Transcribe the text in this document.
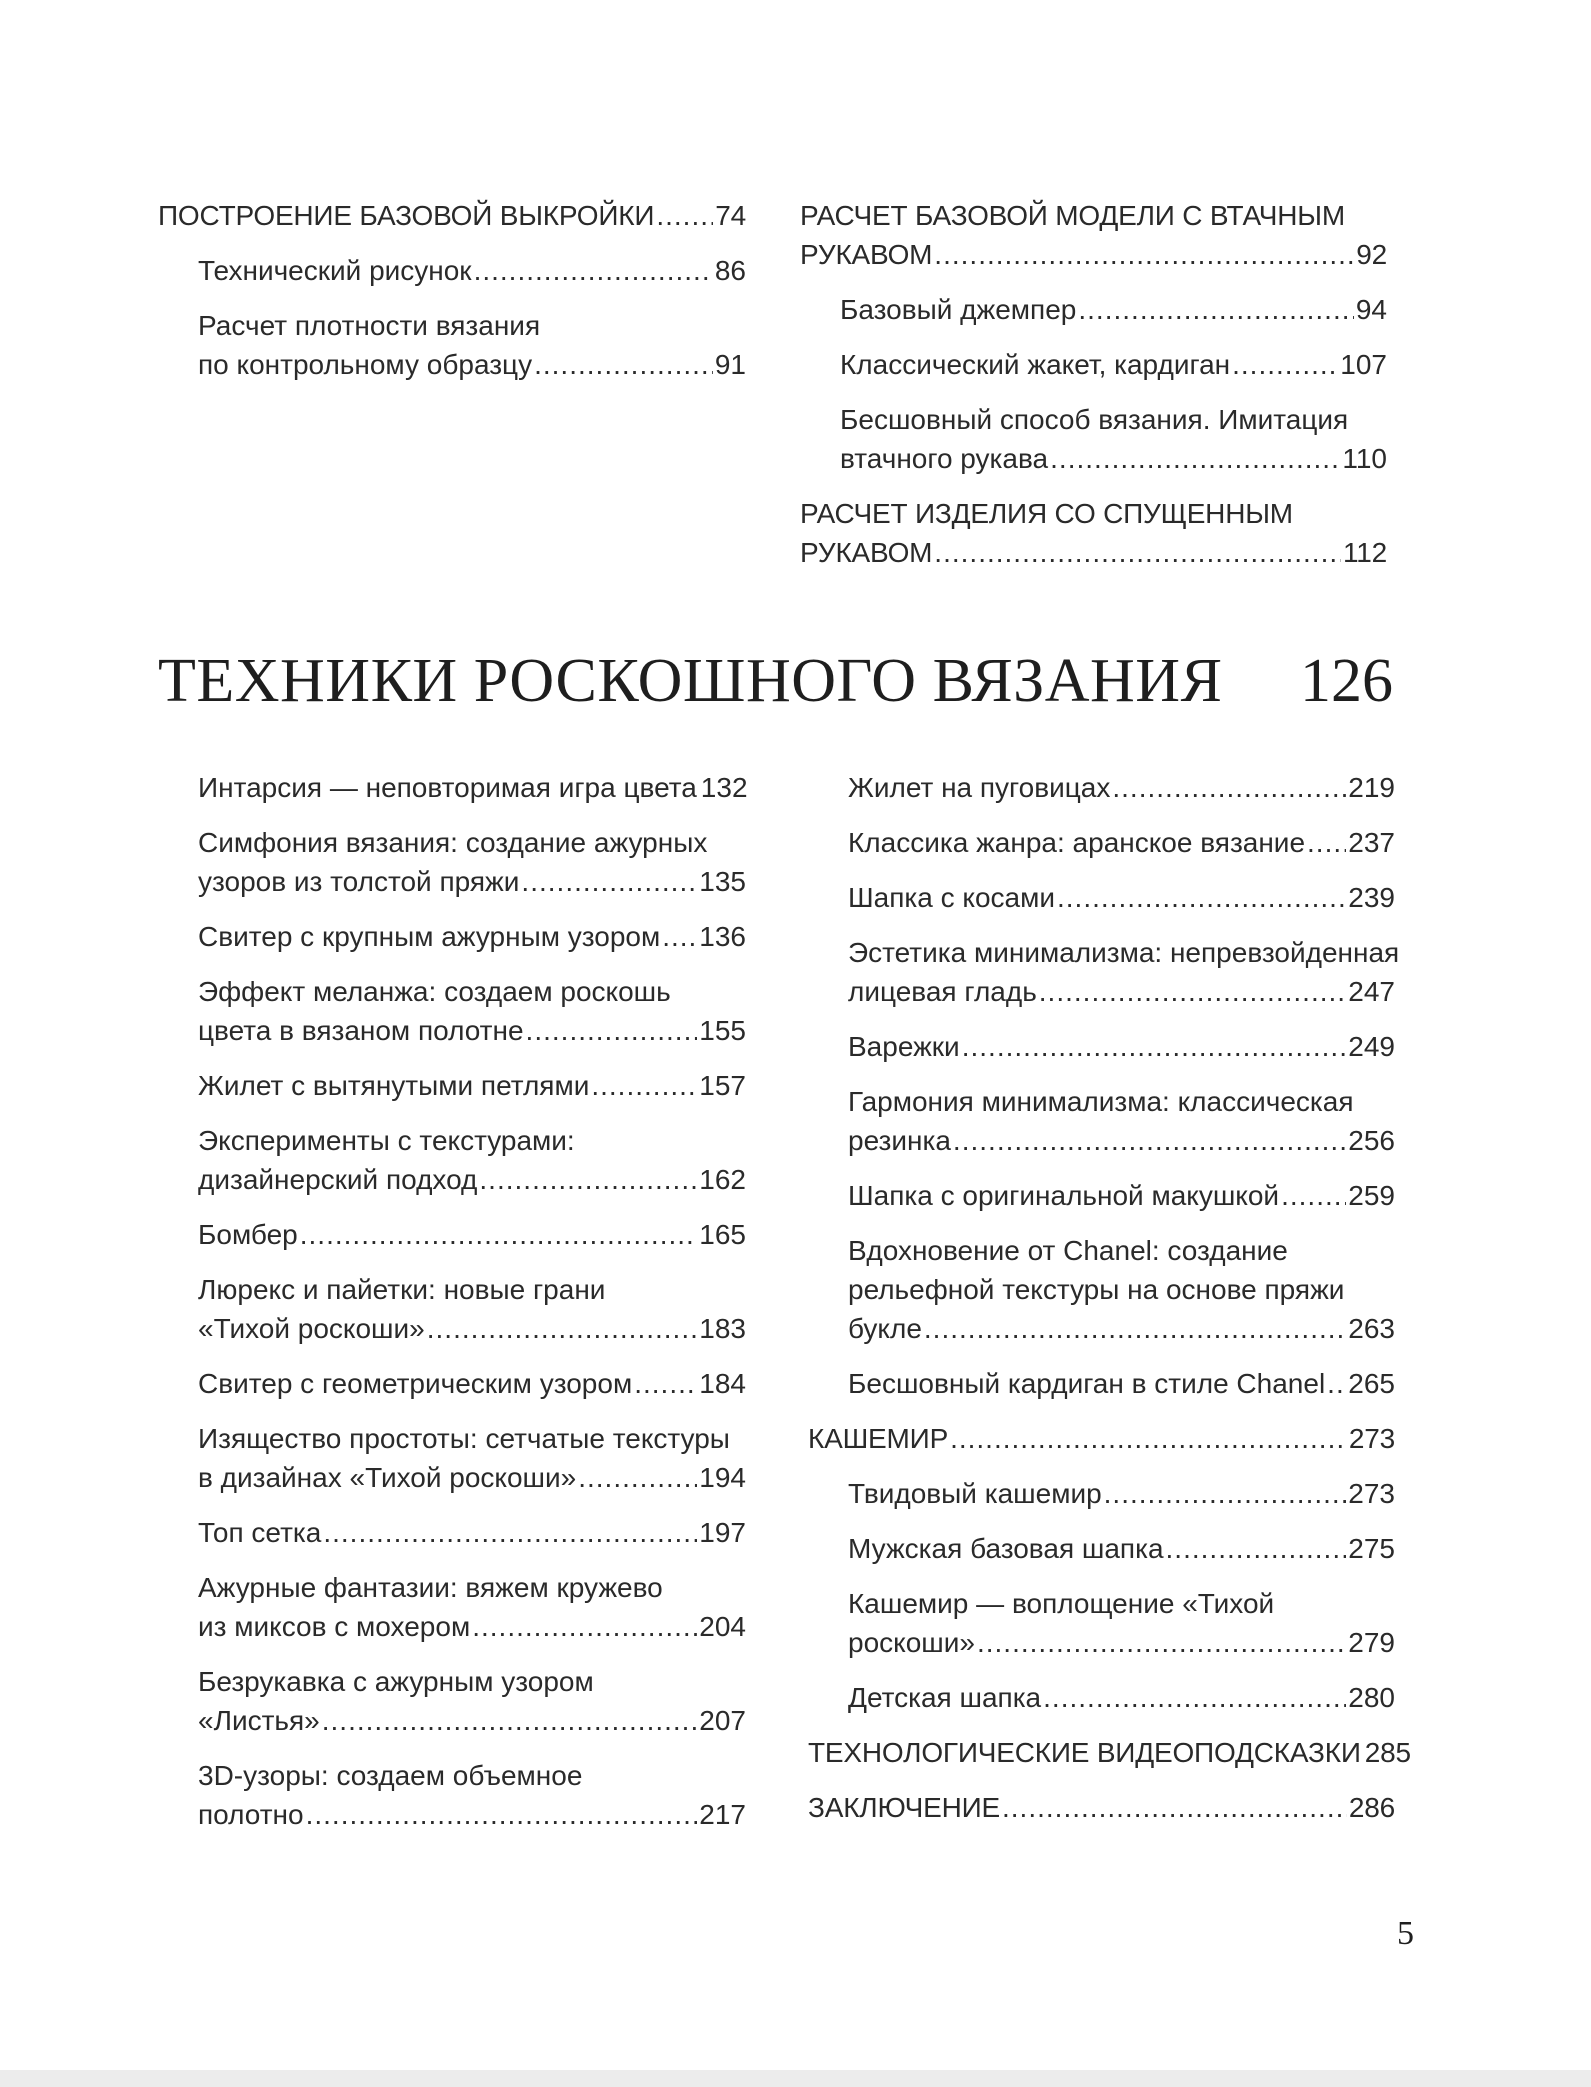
ПОСТРОЕНИЕ БАЗОВОЙ ВЫКРОЙКИ ..... 74
Технический рисунок .....	86
Расчет плотности вязания
по контрольному образцу .....	91
РАСЧЕТ БАЗОВОЙ МОДЕЛИ С ВТАЧНЫМ
РУКАВОМ .....	92
Базовый джемпер .....	94
Классический жакет, кардиган .....	107
Бесшовный способ вязания. Имитация
втачного рукава .....	110
РАСЧЕТ ИЗДЕЛИЯ СО СПУЩЕННЫМ
РУКАВОМ .....	112
ТЕХНИКИ РОСКОШНОГО ВЯЗАНИЯ 126
Интарсия — неповторимая игра цвета 132
Симфония вязания: создание ажурных
узоров из толстой пряжи .....	135
Свитер с крупным ажурным узором ..... 136
Эффект меланжа: создаем роскошь
цвета в вязаном полотне .....	155
Жилет с вытянутыми петлями .....	157
Эксперименты с текстурами:
дизайнерский подход .....	162
Бомбер .....	165
Люрекс и пайетки: новые грани
«Тихой роскоши» .....	183
Свитер с геометрическим узором ..... 184
Изящество простоты: сетчатые текстуры
в дизайнах «Тихой роскоши» .....	194
Топ сетка .....	197
Ажурные фантазии: вяжем кружево
из миксов с мохером .....	204
Безрукавка с ажурным узором
«Листья» .....	207
3D-узоры: создаем объемное
полотно .....	217
Жилет на пуговицах .....	219
Классика жанра: аранское вязание ..... 237
Шапка с косами .....	239
Эстетика минимализма: непревзойденная
лицевая гладь .....	247
Варежки .....	249
Гармония минимализма: классическая
резинка .....	256
Шапка с оригинальной макушкой ..... 259
Вдохновение от Chanel: создание
рельефной текстуры на основе пряжи
букле .....	263
Бесшовный кардиган в стиле Chanel ..... 265
КАШЕМИР .....	273
Твидовый кашемир .....	273
Мужская базовая шапка .....	275
Кашемир — воплощение «Тихой
роскоши» .....	279
Детская шапка .....	280
ТЕХНОЛОГИЧЕСКИЕ ВИДЕОПОДСКАЗКИ 285
ЗАКЛЮЧЕНИЕ .....	286
5
